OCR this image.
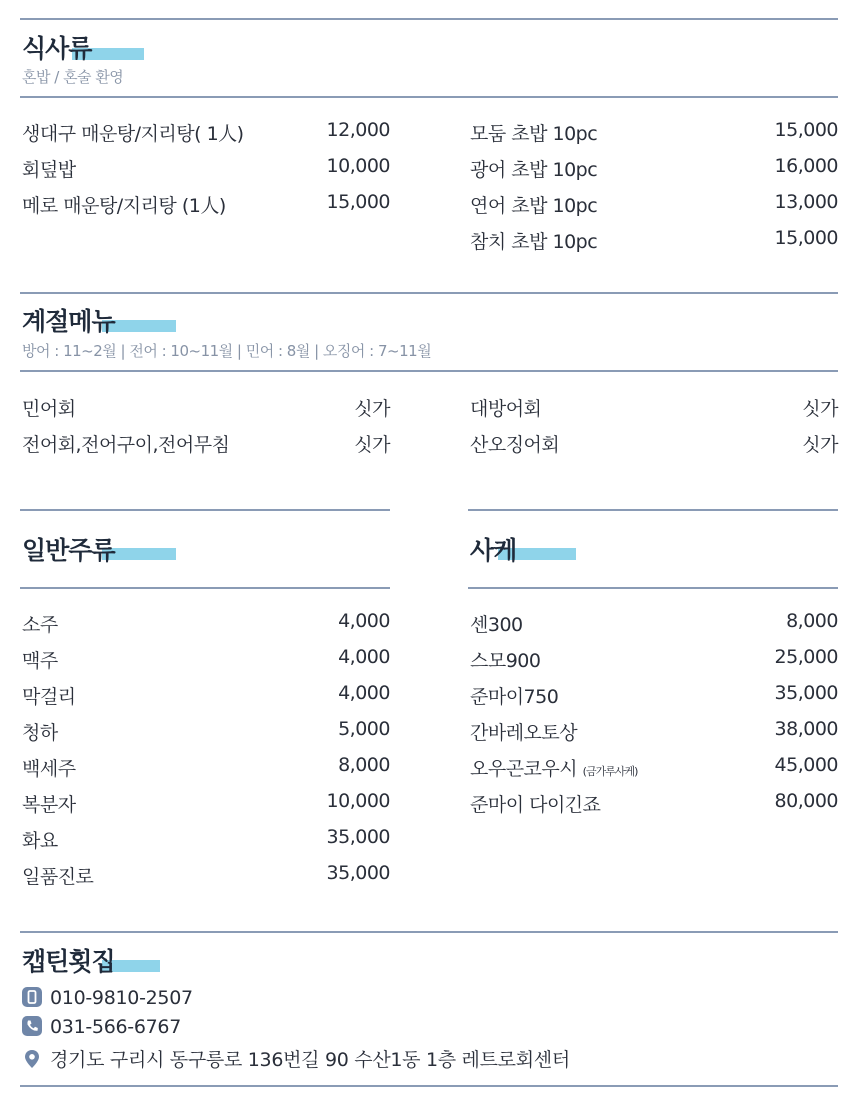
식사류
혼밥 / 혼술 환영
생대구 매운탕/지리탕( 1人)	12,000
회덮밥	10,000
메로 매운탕/지리탕 (1人)	15,000
모둠 초밥 10pc	15,000
광어 초밥 10pc	16,000
연어 초밥 10pc	13,000
참치 초밥 10pc	15,000
계절메뉴
방어 : 11~2월 | 전어 : 10~11월 | 민어 : 8월 | 오징어 : 7~11월
민어회	싯가
전어회,전어구이,전어무침	싯가
대방어회	싯가
산오징어회	싯가
일반주류
소주	4,000
맥주	4,000
막걸리	4,000
청하	5,000
백세주	8,000
복분자	10,000
화요	35,000
일품진로	35,000
사케
센300	8,000
스모900	25,000
준마이750	35,000
간바레오토상	38,000
오우곤코우시 (금가루사케)	45,000
준마이 다이긴죠	80,000
캡틴횟집
010-9810-2507
031-566-6767
경기도 구리시 동구릉로 136번길 90 수산1동 1층 레트로회센터
